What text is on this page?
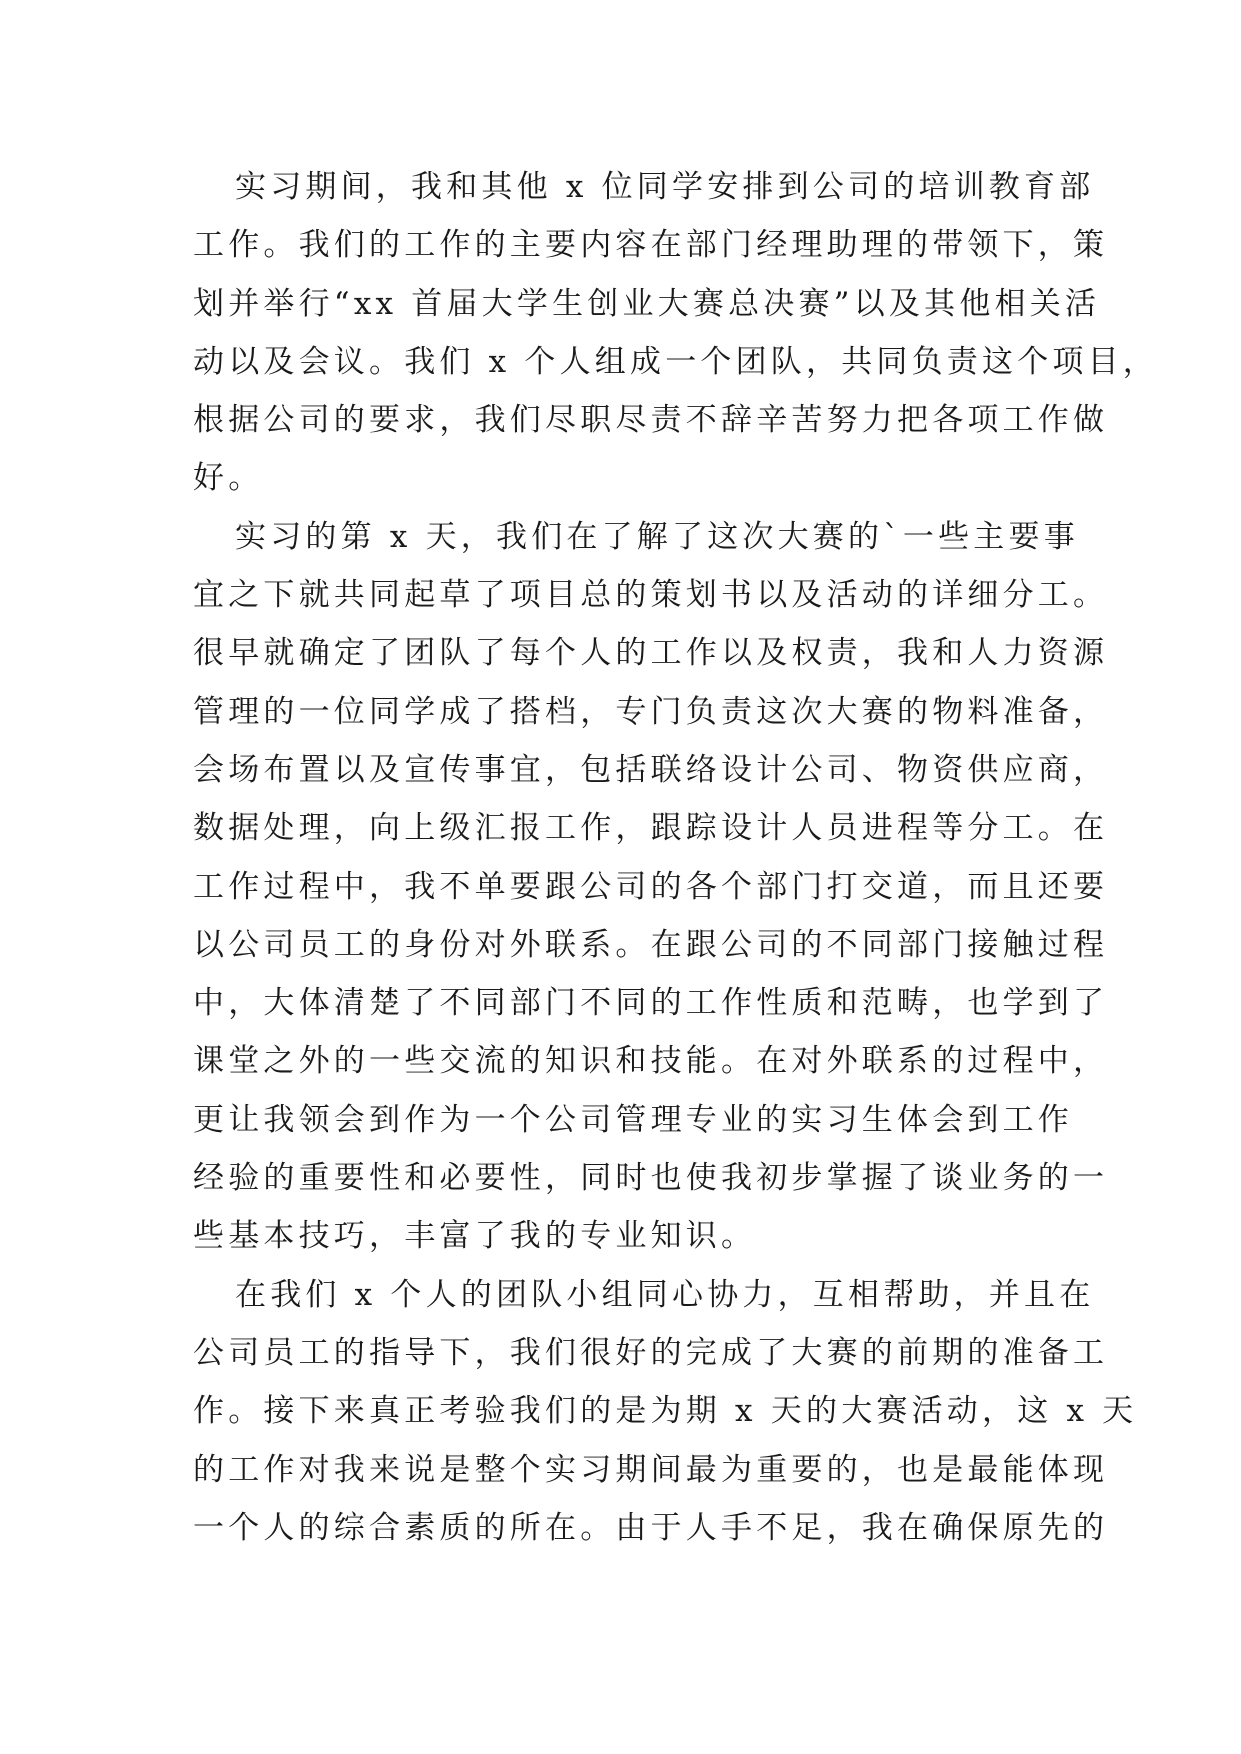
实习期间，我和其他 x 位同学安排到公司的培训教育部
工作。我们的工作的主要内容在部门经理助理的带领下，策
划并举行“xx 首届大学生创业大赛总决赛”以及其他相关活
动以及会议。我们 x 个人组成一个团队，共同负责这个项目，
根据公司的要求，我们尽职尽责不辞辛苦努力把各项工作做
好。
实习的第 x 天，我们在了解了这次大赛的`一些主要事
宜之下就共同起草了项目总的策划书以及活动的详细分工。
很早就确定了团队了每个人的工作以及权责，我和人力资源
管理的一位同学成了搭档，专门负责这次大赛的物料准备，
会场布置以及宣传事宜，包括联络设计公司、物资供应商，
数据处理，向上级汇报工作，跟踪设计人员进程等分工。在
工作过程中，我不单要跟公司的各个部门打交道，而且还要
以公司员工的身份对外联系。在跟公司的不同部门接触过程
中，大体清楚了不同部门不同的工作性质和范畴，也学到了
课堂之外的一些交流的知识和技能。在对外联系的过程中，
更让我领会到作为一个公司管理专业的实习生体会到工作
经验的重要性和必要性，同时也使我初步掌握了谈业务的一
些基本技巧，丰富了我的专业知识。
在我们 x 个人的团队小组同心协力，互相帮助，并且在
公司员工的指导下，我们很好的完成了大赛的前期的准备工
作。接下来真正考验我们的是为期 x 天的大赛活动，这 x 天
的工作对我来说是整个实习期间最为重要的，也是最能体现
一个人的综合素质的所在。由于人手不足，我在确保原先的
